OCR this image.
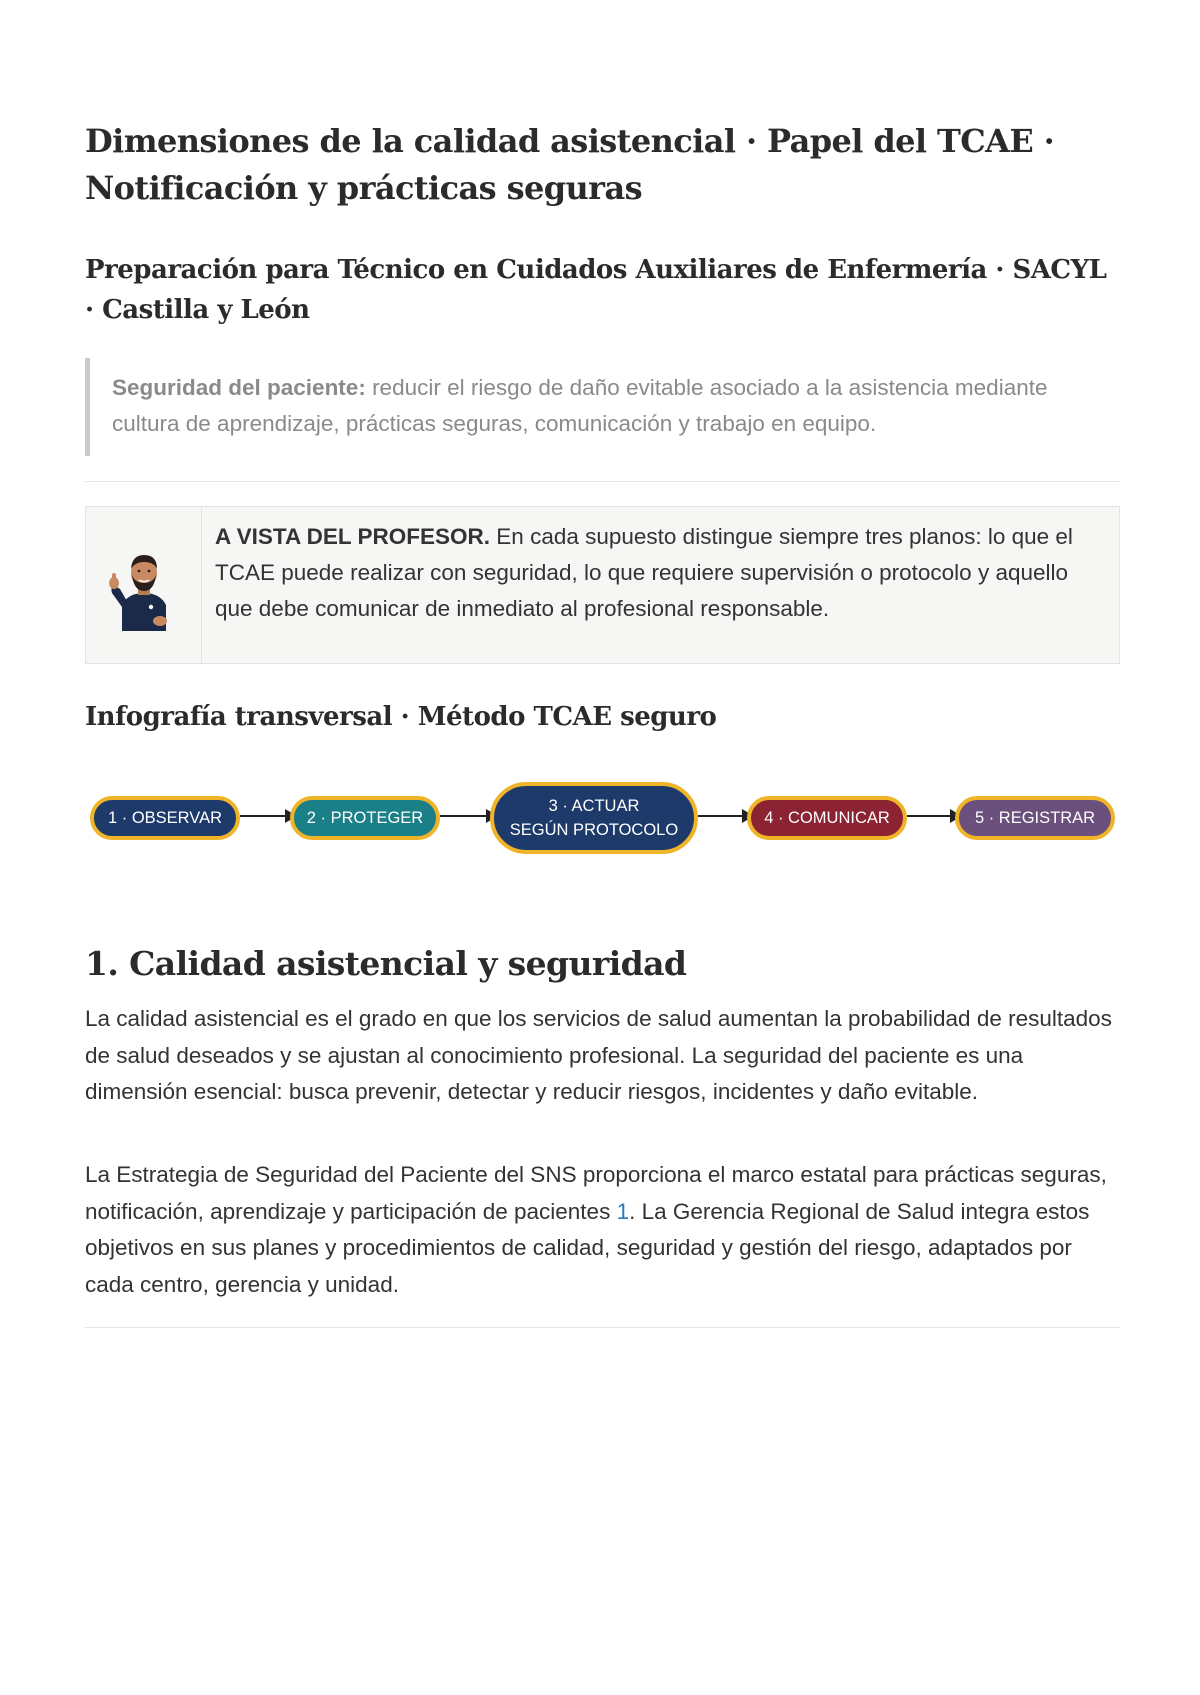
Dimensiones de la calidad asistencial · Papel del TCAE · Notificación y prácticas seguras
Preparación para Técnico en Cuidados Auxiliares de Enfermería · SACYL · Castilla y León
Seguridad del paciente: reducir el riesgo de daño evitable asociado a la asistencia mediante cultura de aprendizaje, prácticas seguras, comunicación y trabajo en equipo.
A VISTA DEL PROFESOR. En cada supuesto distingue siempre tres planos: lo que el TCAE puede realizar con seguridad, lo que requiere supervisión o protocolo y aquello que debe comunicar de inmediato al profesional responsable.
Infografía transversal · Método TCAE seguro
1 · OBSERVAR	2 · PROTEGER
3 · ACTUAR
SEGÚN PROTOCOLO
4 · COMUNICAR	5 · REGISTRAR
1. Calidad asistencial y seguridad

La calidad asistencial es el grado en que los servicios de salud aumentan la probabilidad de resultados de salud deseados y se ajustan al conocimiento profesional. La seguridad del paciente es una dimensión esencial: busca prevenir, detectar y reducir riesgos, incidentes y daño evitable.

La Estrategia de Seguridad del Paciente del SNS proporciona el marco estatal para prácticas seguras, notificación, aprendizaje y participación de pacientes 1. La Gerencia Regional de Salud integra estos objetivos en sus planes y procedimientos de calidad, seguridad y gestión del riesgo, adaptados por cada centro, gerencia y unidad.
